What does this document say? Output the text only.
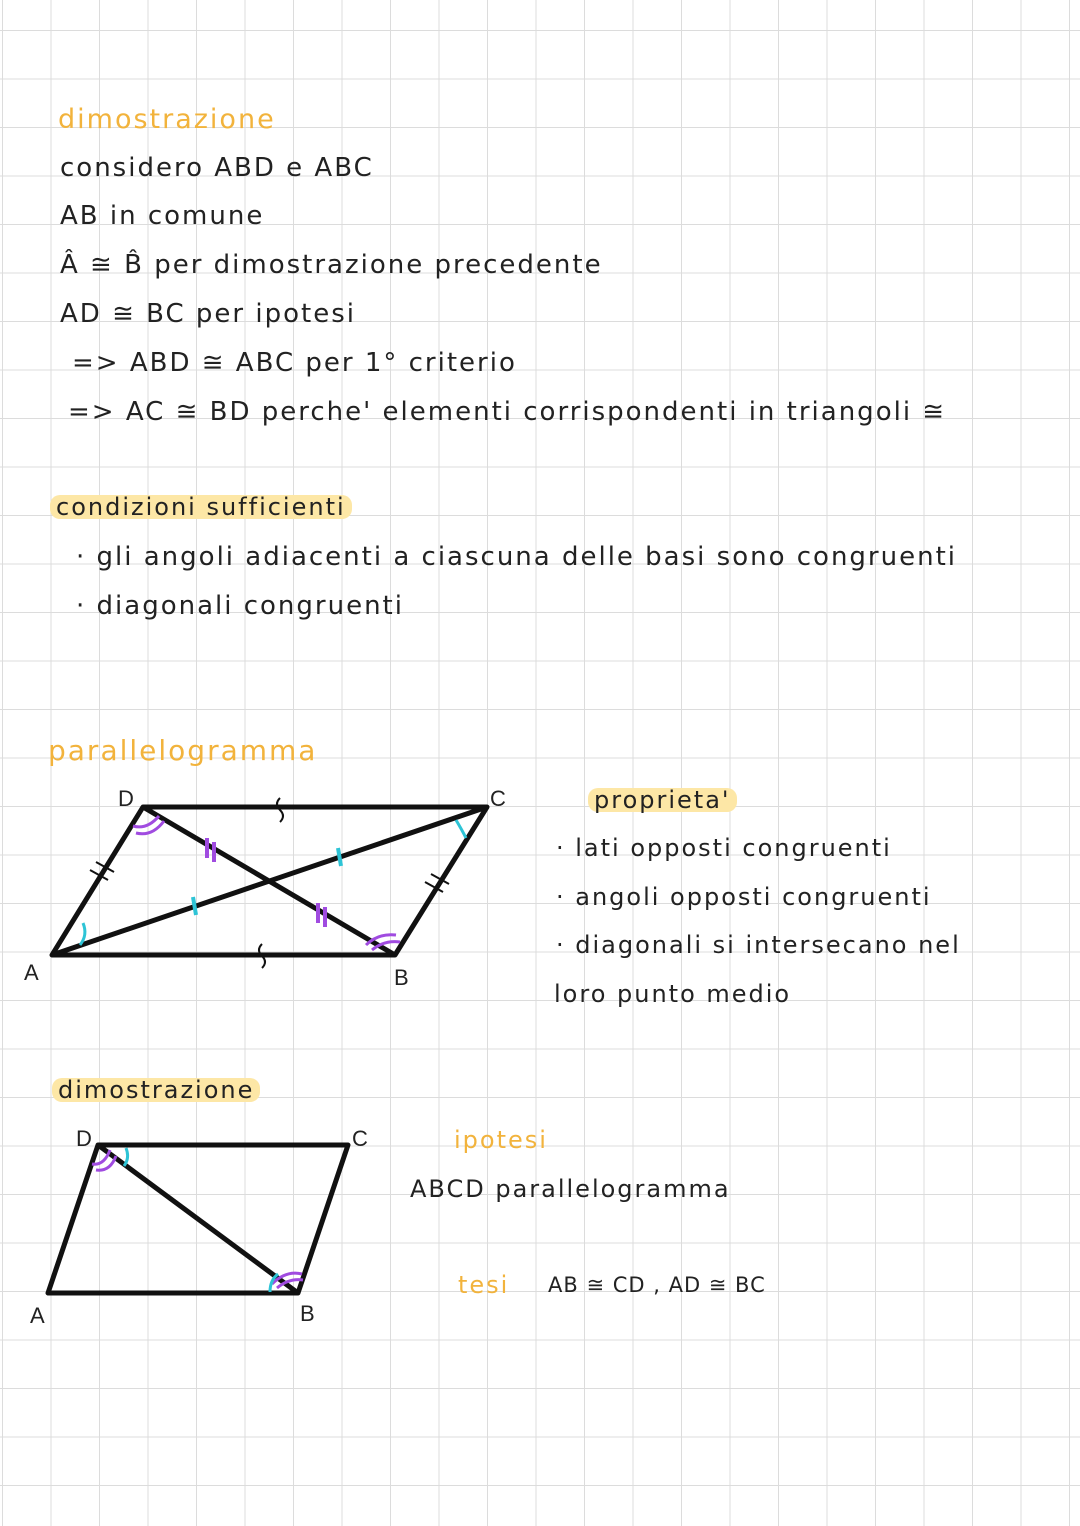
dimostrazione
considero ABD e ABC
AB in comune
Â ≅ B̂ per dimostrazione precedente
AD ≅ BC per ipotesi
=> ABD ≅ ABC per 1° criterio
=> AC ≅ BD perche' elementi corrispondenti in triangoli ≅
condizioni sufficienti
· gli angoli adiacenti a ciascuna delle basi sono congruenti
· diagonali congruenti
parallelogramma
A	B
C
D	proprieta'
· lati opposti congruenti
· angoli opposti congruenti
· diagonali si intersecano nel
loro punto medio
dimostrazione
A	B
C
D	ipotesi
ABCD parallelogramma
tesi AB ≅ CD , AD ≅ BC
